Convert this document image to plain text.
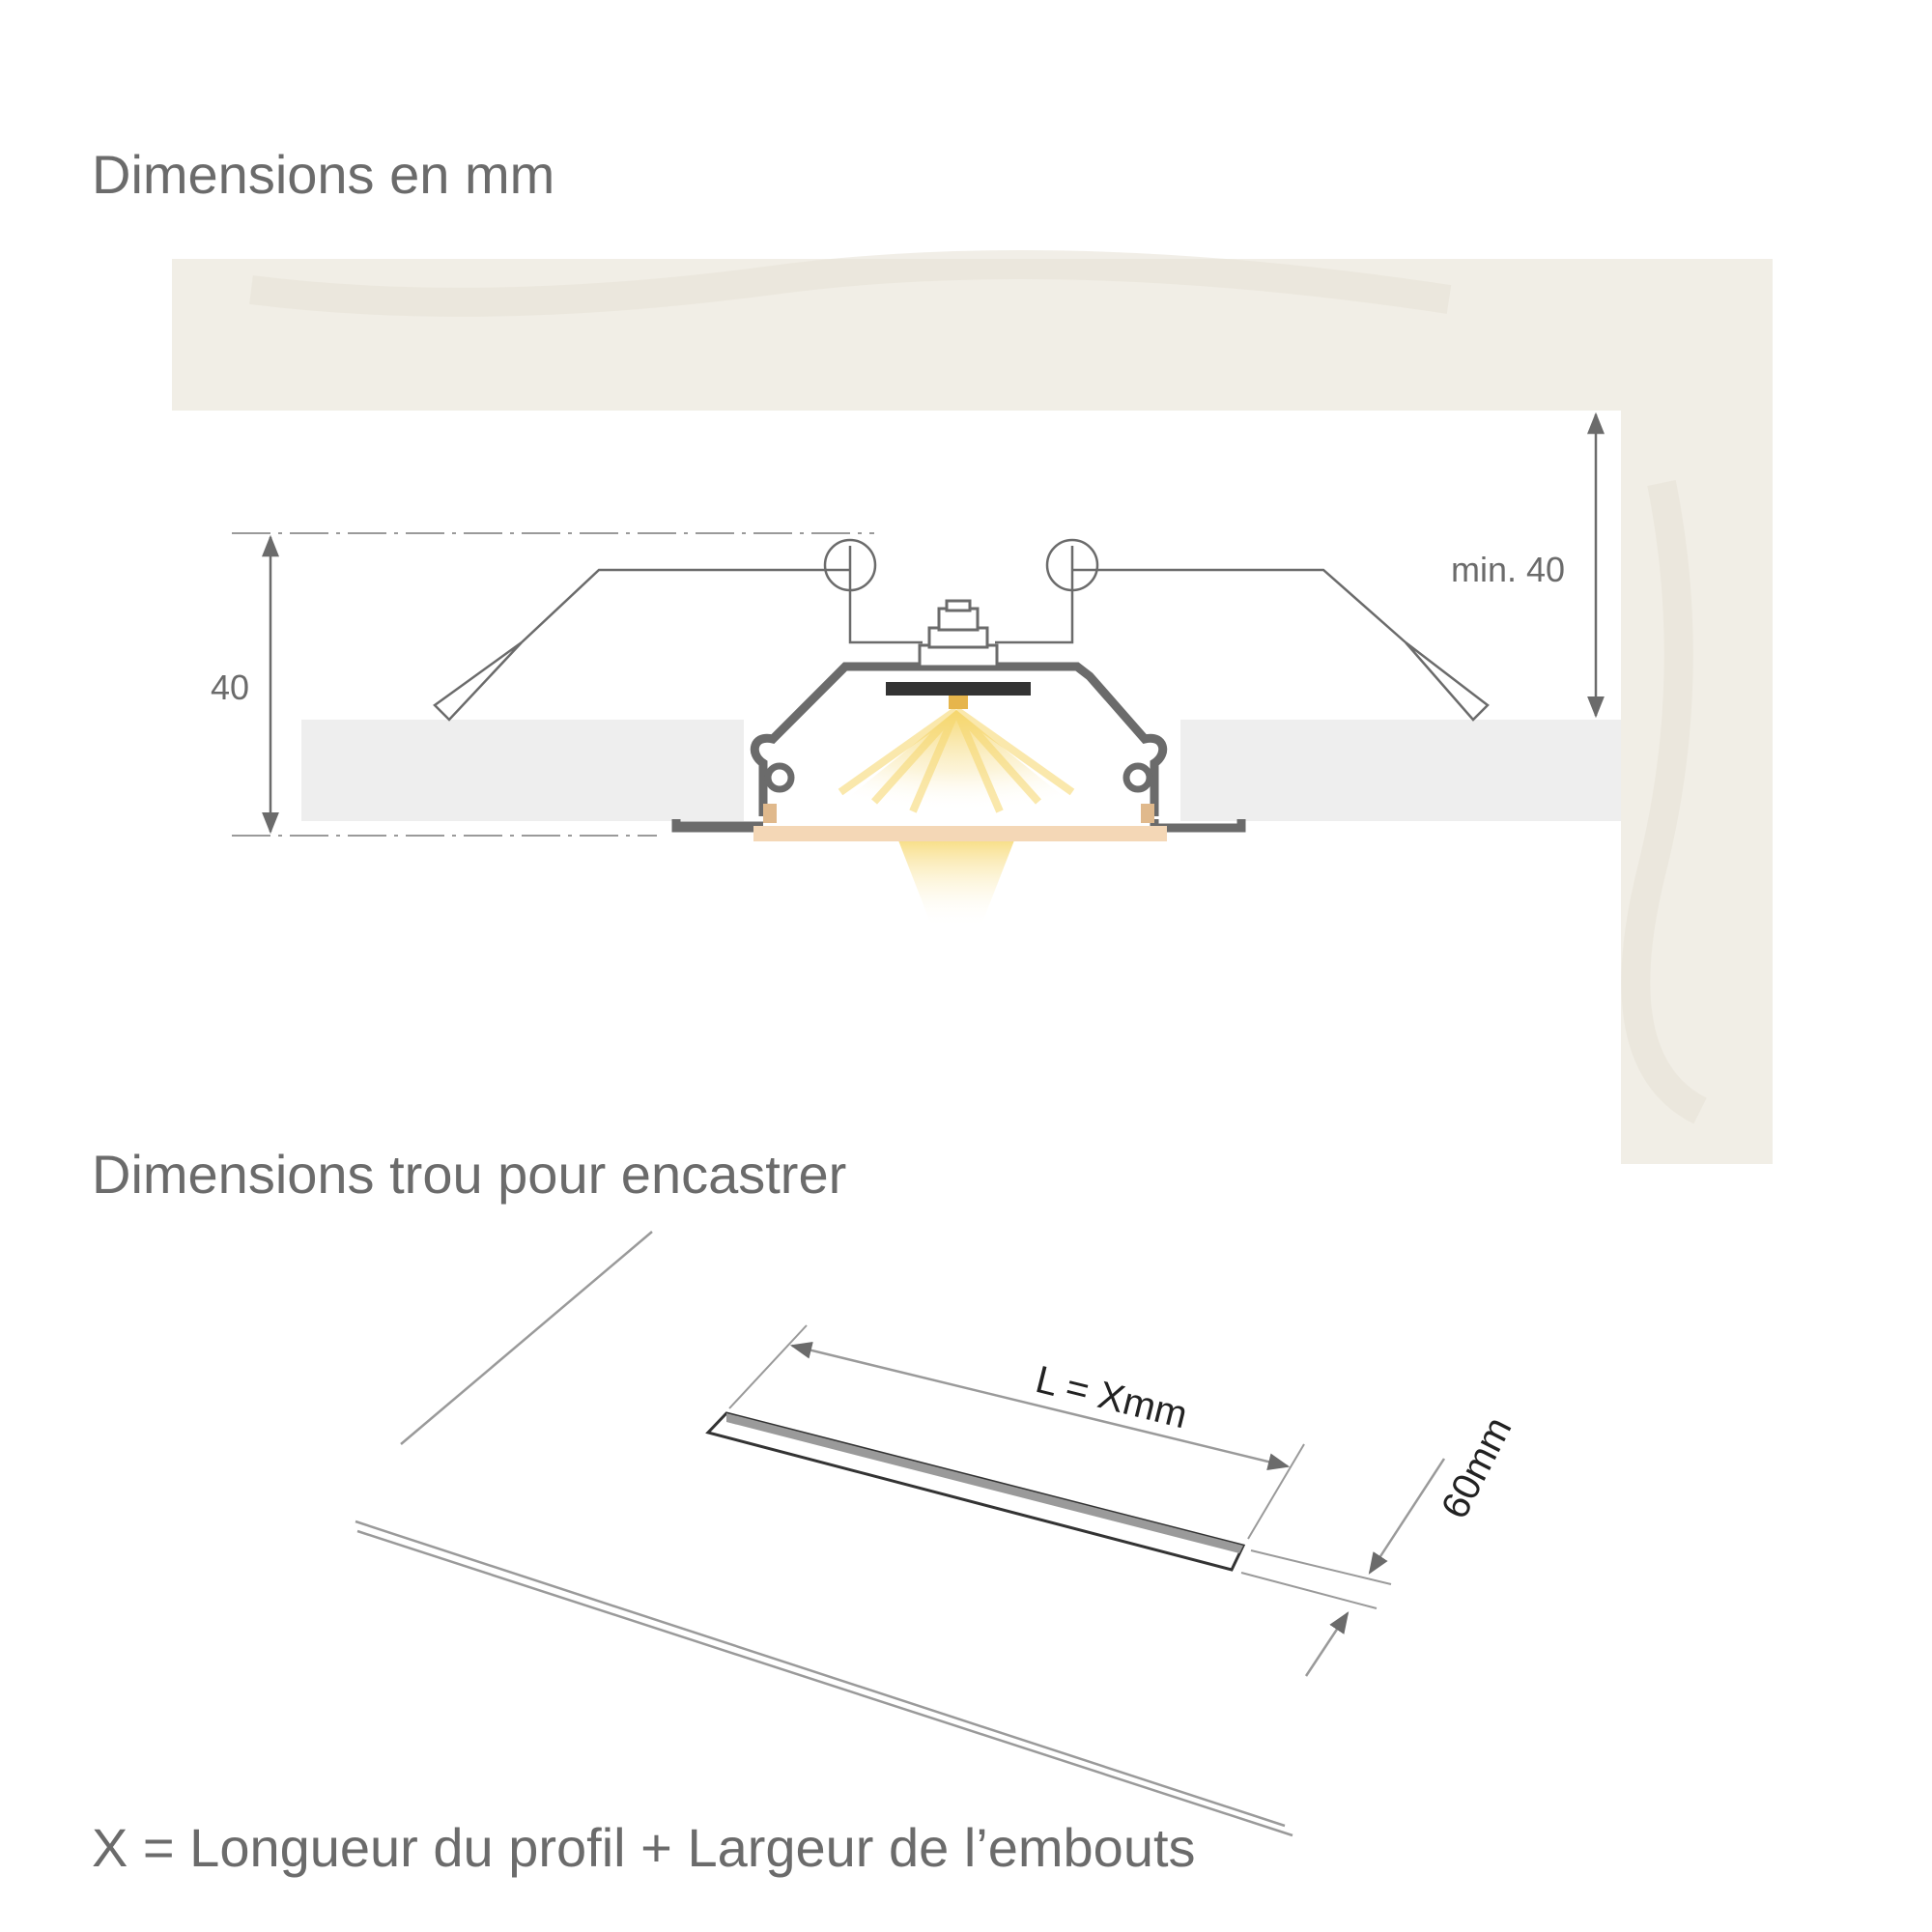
Dimensions en mm
Dimensions trou pour encastrer

X = Longueur du profil + Largeur de l’embouts

40
min. 40
L = Xmm
60mm
